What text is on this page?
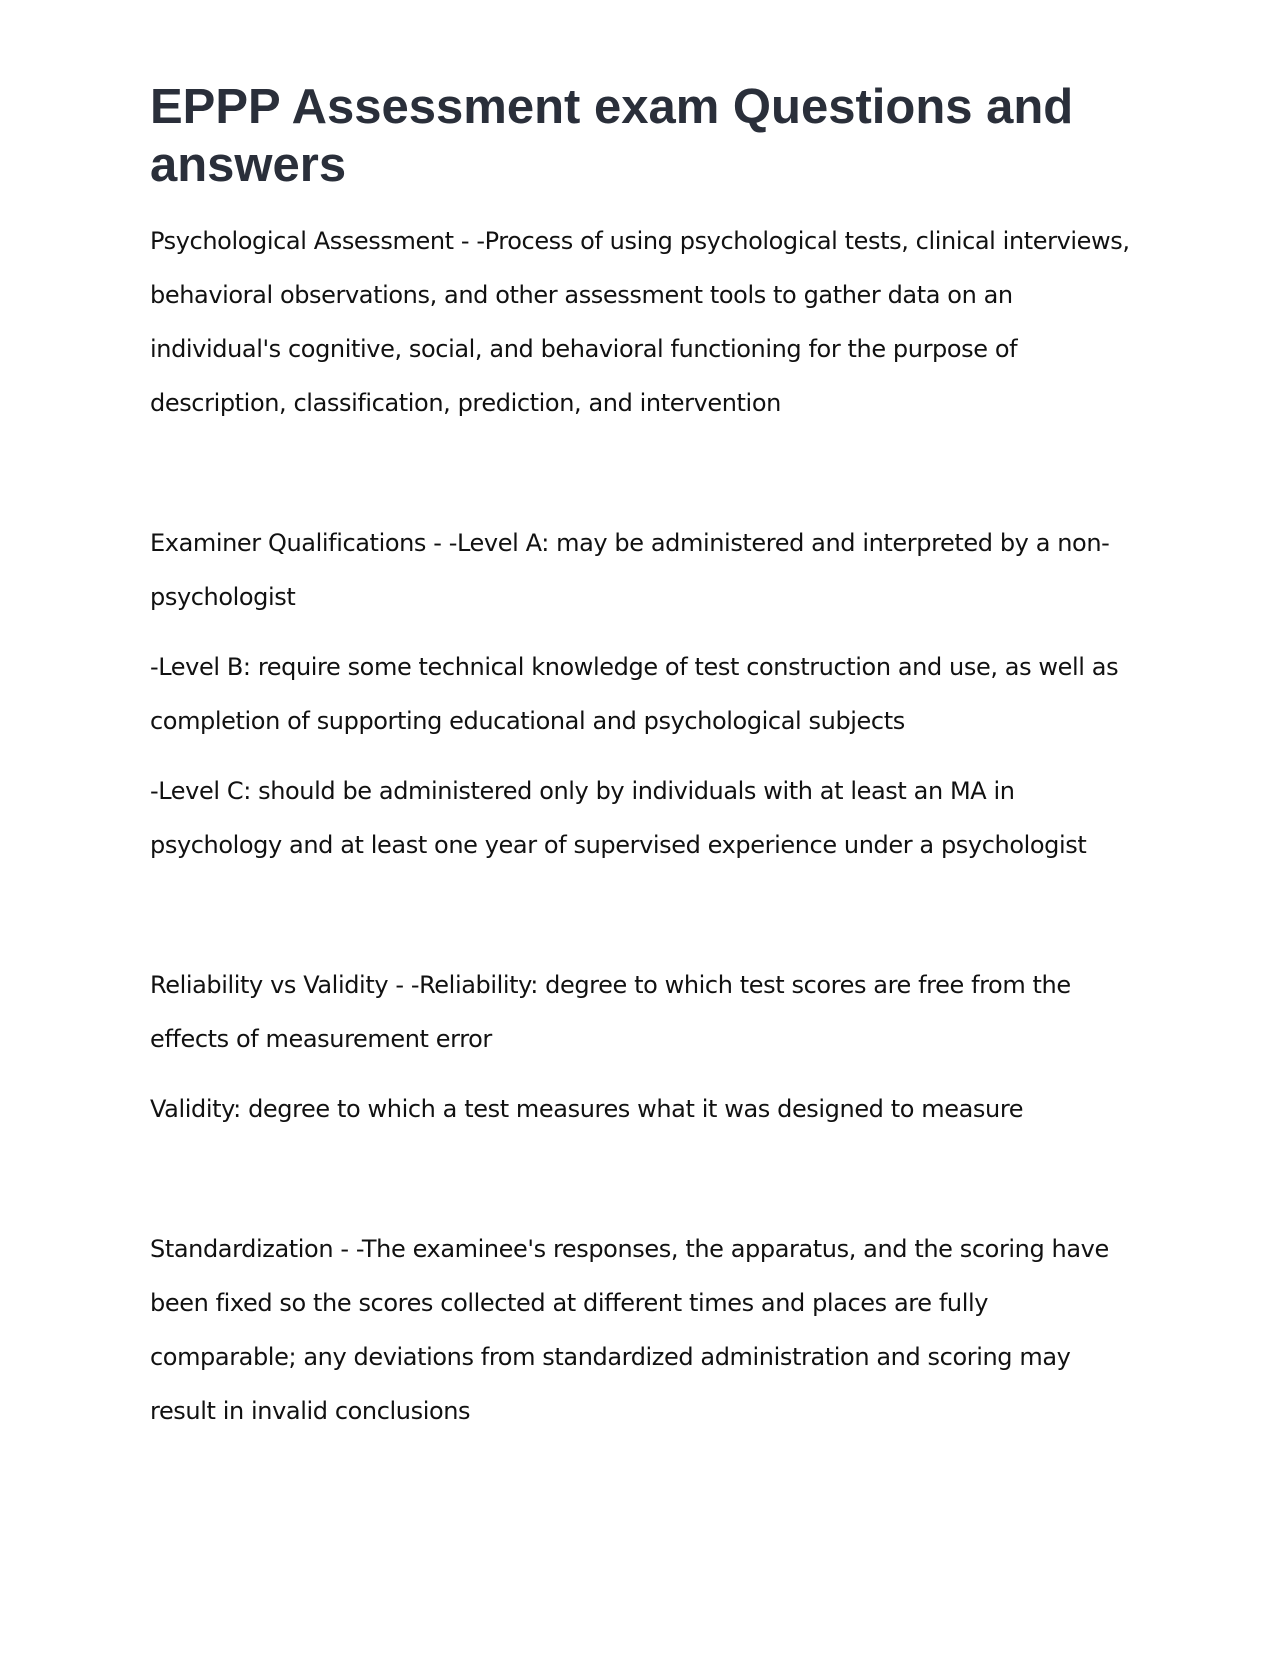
EPPP Assessment exam Questions and answers

Psychological Assessment - -Process of using psychological tests, clinical interviews, behavioral observations, and other assessment tools to gather data on an individual's cognitive, social, and behavioral functioning for the purpose of description, classification, prediction, and intervention

Examiner Qualifications - -Level A: may be administered and interpreted by a non-psychologist

-Level B: require some technical knowledge of test construction and use, as well as completion of supporting educational and psychological subjects

-Level C: should be administered only by individuals with at least an MA in psychology and at least one year of supervised experience under a psychologist

Reliability vs Validity - -Reliability: degree to which test scores are free from the effects of measurement error

Validity: degree to which a test measures what it was designed to measure

Standardization - -The examinee's responses, the apparatus, and the scoring have been fixed so the scores collected at different times and places are fully comparable; any deviations from standardized administration and scoring may result in invalid conclusions
